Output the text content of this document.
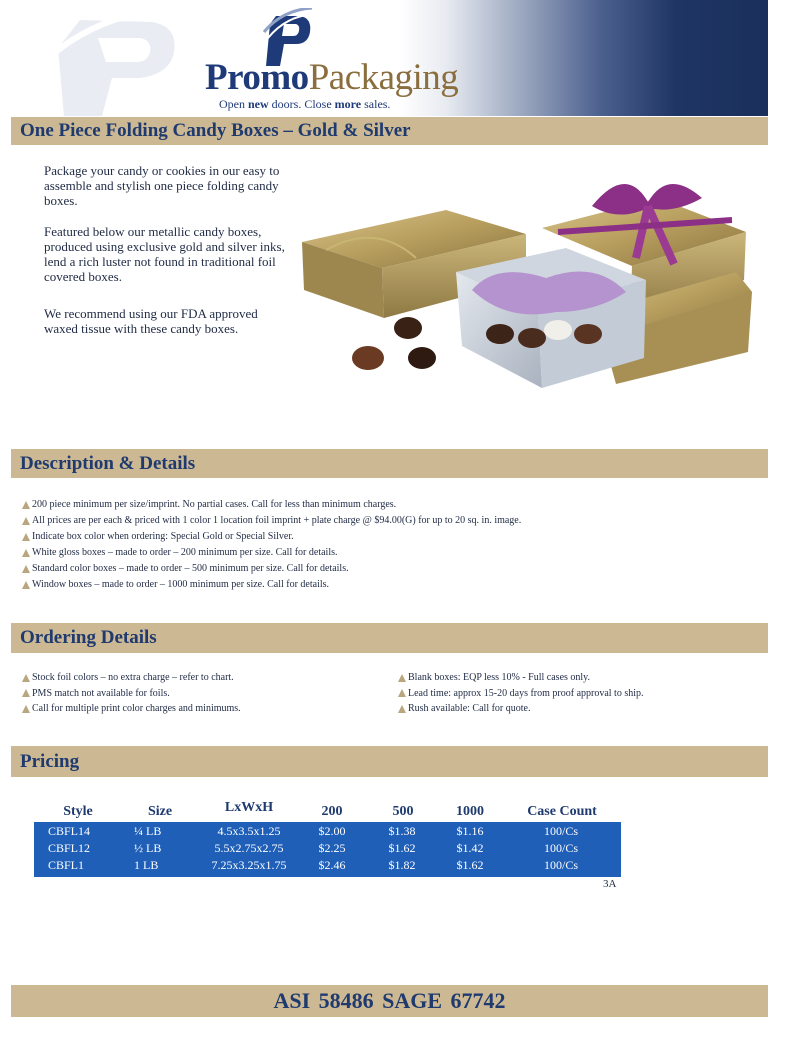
PromoPackaging
Open new doors. Close more sales.
One Piece Folding Candy Boxes – Gold & Silver

Package your candy or cookies in our easy to assemble and stylish one piece folding candy boxes.

Featured below our metallic candy boxes, produced using exclusive gold and silver inks, lend a rich luster not found in traditional foil covered boxes.

We recommend using our FDA approved waxed tissue with these candy boxes.

Description & Details
200 piece minimum per size/imprint. No partial cases. Call for less than minimum charges.
All prices are per each & priced with 1 color 1 location foil imprint + plate charge @ $94.00(G) for up to 20 sq. in. image.
Indicate box color when ordering: Special Gold or Special Silver.
White gloss boxes – made to order – 200 minimum per size. Call for details.
Standard color boxes – made to order – 500 minimum per size. Call for details.
Window boxes – made to order – 1000 minimum per size. Call for details.
Ordering Details
Stock foil colors – no extra charge – refer to chart.
PMS match not available for foils.
Call for multiple print color charges and minimums.
Blank boxes: EQP less 10% - Full cases only.
Lead time: approx 15-20 days from proof approval to ship.
Rush available: Call for quote.
Pricing
Style	Size	LxWxH	200	500	1000	Case Count
CBFL14	¼ LB	4.5x3.5x1.25	$2.00	$1.38	$1.16	100/Cs
CBFL12	½ LB	5.5x2.75x2.75	$2.25	$1.62	$1.42	100/Cs
CBFL1	1 LB	7.25x3.25x1.75	$2.46	$1.82	$1.62	100/Cs
3A
ASI 58486 SAGE 67742
